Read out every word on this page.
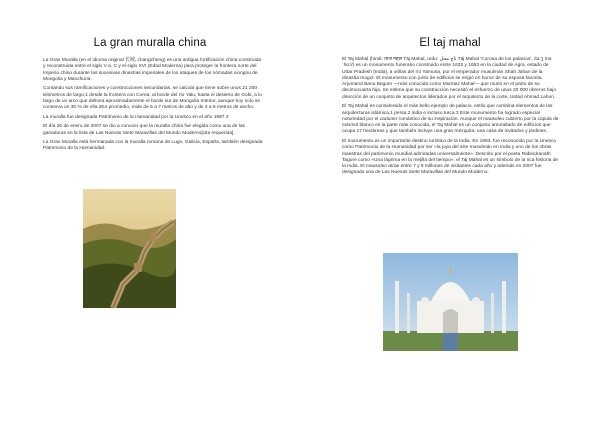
La gran muralla china

La Gran Muralla (en el idioma original 长城, changcheng) es una antigua fortificación china construida y reconstruida entre el siglo V a. C y el siglo XVI (Edad Moderna) para proteger la frontera norte del Imperio chino durante las sucesivas dinastías imperiales de los ataques de los nómadas xiongnu de Mongolia y Manchuria.

Contando sus ramificaciones y construcciones secundarias, se calcula que tiene sobre unos 21 200 kilómetros de largo,1 desde la frontera con Corea, al borde del río Yalu, hasta el desierto de Gobi, a lo largo de un arco que delinea aproximadamente el borde sur de Mongolia Interior, aunque hoy solo se conserva un 30 % de ella.2En promedio, mide de 6 a 7 metros de alto y de 4 a 5 metros de ancho.

La muralla fue designada Patrimonio de la Humanidad por la Unesco en el año 1987.3

El día 26 de enero de 2007 se dio a conocer que la muralla china fue elegida como una de las ganadoras en la lista de Las Nuevas Siete Maravillas del Mundo Moderno[cita requerida].

La Gran Muralla está hermanada con la muralla romana de Lugo, Galicia, España, también designada Patrimonio de la Humanidad.

El taj mahal

El Taj Mahal (hindi: ताज महल Tāj Mahal, urdu: تاج محل‎ Tāj Mahal 'Corona de los palacios', /tɑːʒ məˈhɑːl/) es un monumento funerario construido entre 1632 y 1653 en la ciudad de Agra, estado de Uttar Pradesh (India), a orillas del río Yamuna, por el emperador musulmán Shah Jahan de la dinastía mogol. El monumento con junto de edificios se erigió en honor de su esposa favorita, Arjumand Banu Begum —más conocida como Mumtaz Mahal— que murió en el parto de su decimocuarta hija. Se estima que su construcción necesitó el esfuerzo de unos 20 000 obreros bajo dirección de un conjunto de arquitectos liderados por el arquitecto de la corte, Ustad Ahmad Lahori.

El Taj Mahal es considerado el más bello ejemplo de palacio, estilo que combina elementos de las arquitecturas islámica,1 persa,2 india e incluso turca.3 Este monumento ha logrado especial notoriedad por el carácter romántico de su inspiración. Aunque el mausoleo cubierto por la cúpula de mármol blanco es la parte más conocida, el Taj Mahal es un conjunto amurallado de edificios que ocupa 17 hectáreas y que también incluye una gran mezquita, una casa de invitados y jardines.

El monumento es un importante destino turístico de la India. En 1983, fue reconocido por la Unesco como Patrimonio de la Humanidad por ser «la joya del arte musulmán en India y uno de los obras maestras del patrimonio mundial admiradas universalmente». Descrito por el poeta Rabindranath Tagore como «Una lágrima en la mejilla del tiempo», el Taj Mahal es un símbolo de la rica historia de la India. El mausoleo atrae entre 7 y 8 millones de visitantes cada año y además en 2007 fue designado una de Las Nuevas Siete Maravillas del Mundo Moderno.
